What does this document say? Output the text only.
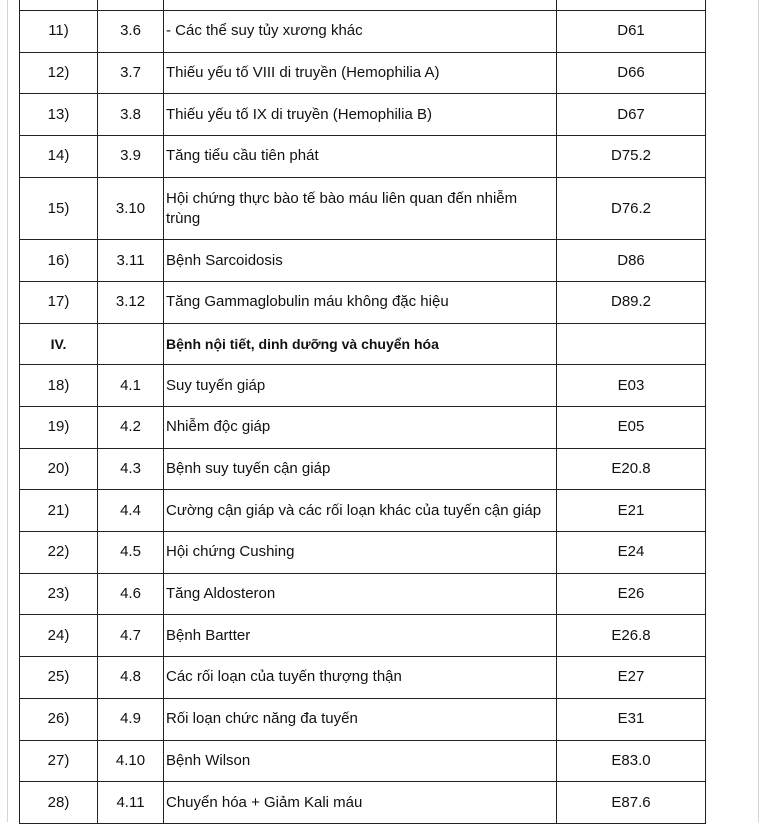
11)	3.6	- Các thể suy tủy xương khác	D61
12)	3.7	Thiếu yếu tố VIII di truyền (Hemophilia A)	D66
13)	3.8	Thiếu yếu tố IX di truyền (Hemophilia B)	D67
14)	3.9	Tăng tiểu cầu tiên phát	D75.2
15)	3.10	Hội chứng thực bào tế bào máu liên quan đến nhiễm trùng	D76.2
16)	3.11	Bệnh Sarcoidosis	D86
17)	3.12	Tăng Gammaglobulin máu không đặc hiệu	D89.2
IV.		Bệnh nội tiết, dinh dưỡng và chuyển hóa	
18)	4.1	Suy tuyến giáp	E03
19)	4.2	Nhiễm độc giáp	E05
20)	4.3	Bệnh suy tuyến cận giáp	E20.8
21)	4.4	Cường cận giáp và các rối loạn khác của tuyến cận giáp	E21
22)	4.5	Hội chứng Cushing	E24
23)	4.6	Tăng Aldosteron	E26
24)	4.7	Bệnh Bartter	E26.8
25)	4.8	Các rối loạn của tuyến thượng thận	E27
26)	4.9	Rối loạn chức năng đa tuyến	E31
27)	4.10	Bệnh Wilson	E83.0
28)	4.11	Chuyển hóa + Giảm Kali máu	E87.6
